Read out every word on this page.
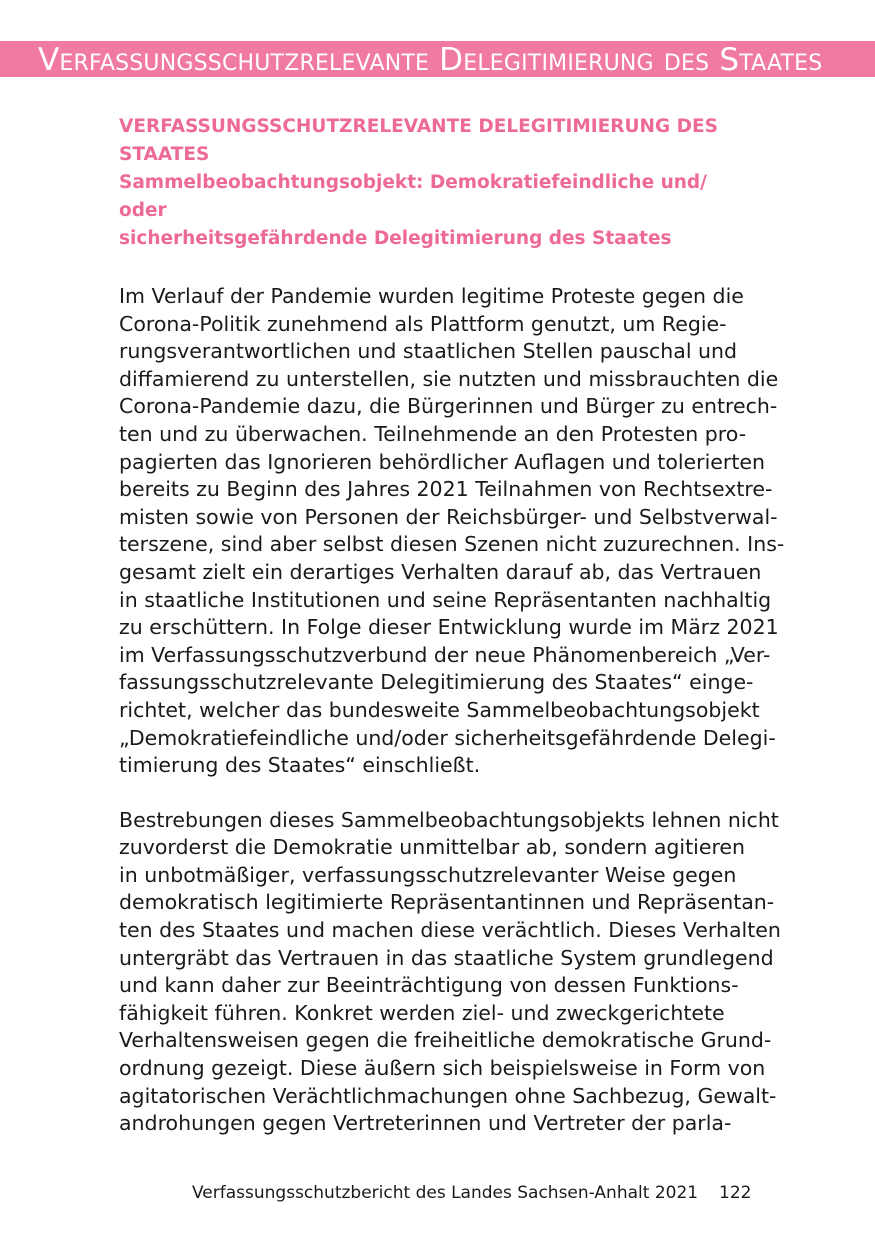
Verfassungsschutzrelevante Delegitimierung des Staates
VERFASSUNGSSCHUTZRELEVANTE DELEGITIMIERUNG DES
STAATES
Sammelbeobachtungsobjekt: Demokratiefeindliche und/ oder
sicherheitsgefährdende Delegitimierung des Staates
Im Verlauf der Pandemie wurden legitime Proteste gegen die
Corona-Politik zunehmend als Plattform genutzt, um Regie-
rungsverantwortlichen und staatlichen Stellen pauschal und
diffamierend zu unterstellen, sie nutzten und missbrauchten die
Corona-Pandemie dazu, die Bürgerinnen und Bürger zu entrech-
ten und zu überwachen. Teilnehmende an den Protesten pro-
pagierten das Ignorieren behördlicher Auflagen und tolerierten
bereits zu Beginn des Jahres 2021 Teilnahmen von Rechtsextre-
misten sowie von Personen der Reichsbürger- und Selbstverwal-
terszene, sind aber selbst diesen Szenen nicht zuzurechnen. Ins-
gesamt zielt ein derartiges Verhalten darauf ab, das Vertrauen
in staatliche Institutionen und seine Repräsentanten nachhaltig
zu erschüttern. In Folge dieser Entwicklung wurde im März 2021
im Verfassungsschutzverbund der neue Phänomenbereich „Ver-
fassungsschutzrelevante Delegitimierung des Staates“ einge-
richtet, welcher das bundesweite Sammelbeobachtungsobjekt
„Demokratiefeindliche und/oder sicherheitsgefährdende Delegi-
timierung des Staates“ einschließt.
Bestrebungen dieses Sammelbeobachtungsobjekts lehnen nicht
zuvorderst die Demokratie unmittelbar ab, sondern agitieren
in unbotmäßiger, verfassungsschutzrelevanter Weise gegen
demokratisch legitimierte Repräsentantinnen und Repräsentan-
ten des Staates und machen diese verächtlich. Dieses Verhalten
untergräbt das Vertrauen in das staatliche System grundlegend
und kann daher zur Beeinträchtigung von dessen Funktions-
fähigkeit führen. Konkret werden ziel- und zweckgerichtete
Verhaltensweisen gegen die freiheitliche demokratische Grund-
ordnung gezeigt. Diese äußern sich beispielsweise in Form von
agitatorischen Verächtlichmachungen ohne Sachbezug, Gewalt-
androhungen gegen Vertreterinnen und Vertreter der parla-
Verfassungsschutzbericht des Landes Sachsen-Anhalt 2021 122
